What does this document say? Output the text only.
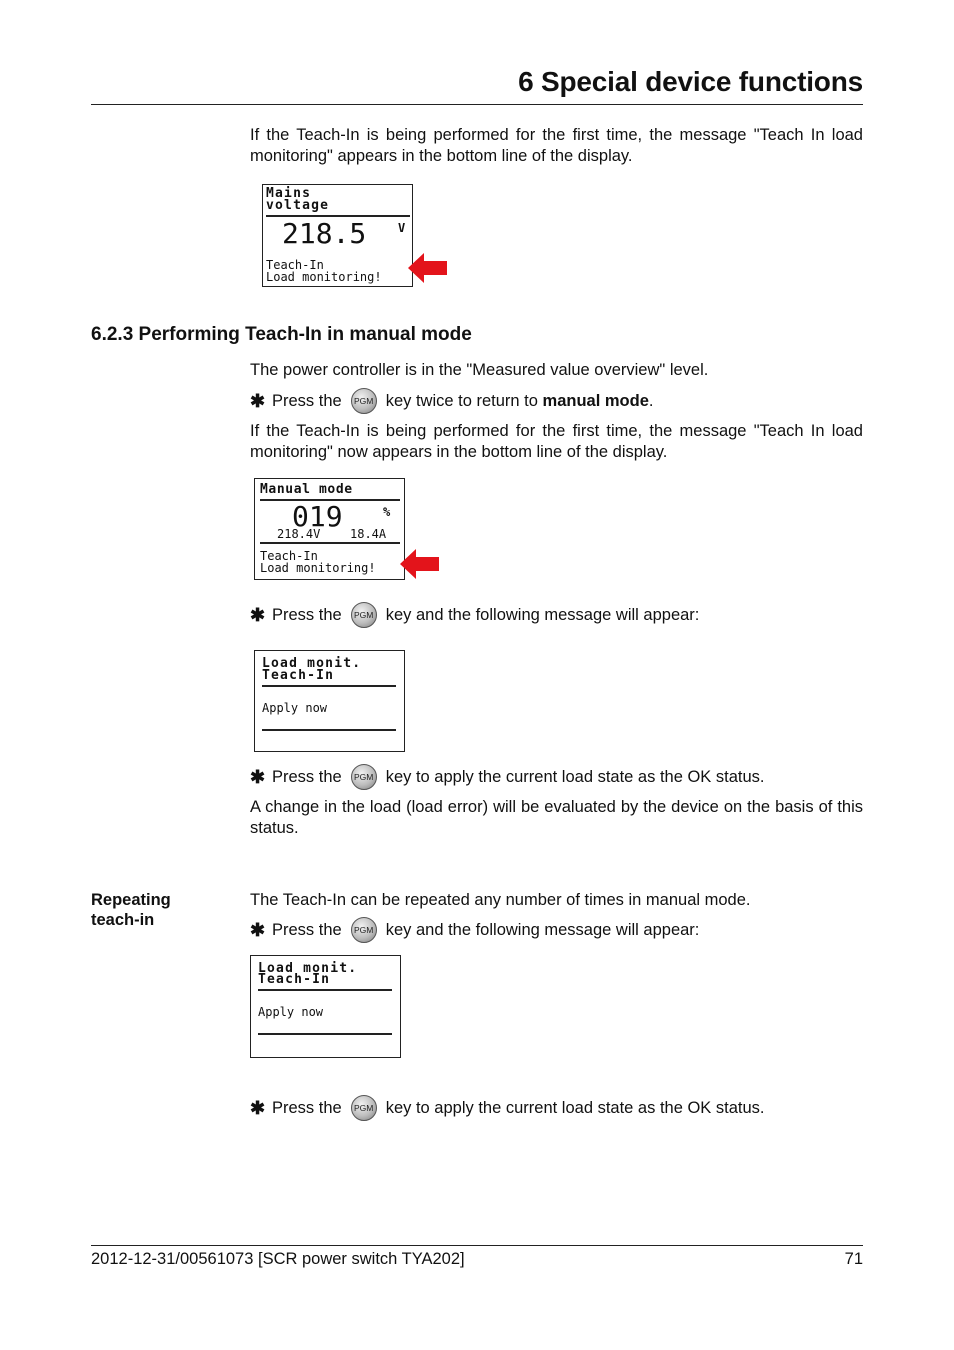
6 Special device functions
If the Teach-In is being performed for the first time, the message "Teach In load monitoring" appears in the bottom line of the display.
Mains
voltage
218.5	V
Teach-In
Load monitoring!
6.2.3 Performing Teach-In in manual mode
The power controller is in the "Measured value overview" level.
✱ Press the	PGM key twice to return to
manual mode .
If the Teach-In is being performed for the first time, the message "Teach In load monitoring" now appears in the bottom line of the display.
Manual mode
019	%
218.4V 18.4A
Teach-In
Load monitoring!
✱ Press the	PGM key and the following message will appear:
Load monit.
Teach-In
Apply now
✱ Press the	PGM key to apply the current load state as the OK status.
A change in the load (load error) will be evaluated by the device on the basis of this status.
Repeating
teach-in
The Teach-In can be repeated any number of times in manual mode.
✱ Press the	PGM key and the following message will appear:
Load monit.
Teach-In
Apply now
✱ Press the	PGM key to apply the current load state as the OK status.
2012-12-31/00561073 [SCR power switch TYA202]	71
